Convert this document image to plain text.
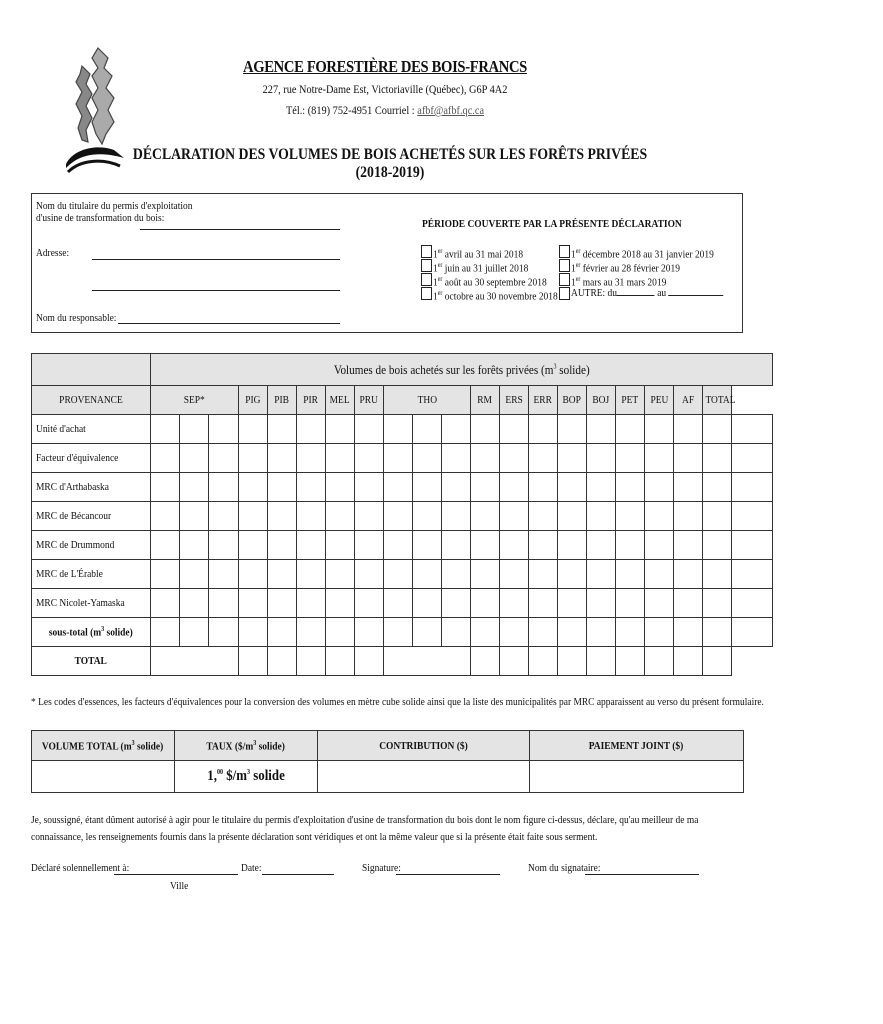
AGENCE FORESTIÈRE DES BOIS-FRANCS
227, rue Notre-Dame Est, Victoriaville (Québec), G6P 4A2
Tél.: (819) 752-4951 Courriel : afbf@afbf.qc.ca
DÉCLARATION DES VOLUMES DE BOIS ACHETÉS SUR LES FORÊTS PRIVÉES (2018-2019)
Nom du titulaire du permis d'exploitation
d'usine de transformation du bois:
Adresse:
Nom du responsable:
PÉRIODE COUVERTE PAR LA PRÉSENTE DÉCLARATION
1er avril au 31 mai 2018
1er juin au 31 juillet 2018
1er août au 30 septembre 2018
1er octobre au 30 novembre 2018
1er décembre 2018 au 31 janvier 2019
1er février au 28 février 2019
1er mars au 31 mars 2019
AUTRE: du	au
	Volumes de bois achetés sur les forêts privées ($m^3$ solide)																				
PROVENANCE	SEP*			PIG	PIB	PIR	MEL	PRU	THO			RM	ERS	ERR	BOP	BOJ	PET	PEU	AF	TOTAL	
Unité d'achat																					
Facteur d'équivalence																					
MRC d'Arthabaska																					
MRC de Bécancour																					
MRC de Drummond																					
MRC de L'Érable																					
MRC Nicolet-Yamaska																					
sous-total ($m^3$ solide)																					
TOTAL																					
* Les codes d'essences, les facteurs d'équivalences pour la conversion des volumes en mètre cube solide ainsi que la liste des municipalités par MRC apparaissent au verso du présent formulaire.
VOLUME TOTAL ($m^3$ solide)	TAUX ($\$/m^3$ solide)	CONTRIBUTION ($)	PAIEMENT JOINT ($)
	1,00 $\$/m^3$ solide		
Je, soussigné, étant dûment autorisé à agir pour le titulaire du permis d'exploitation d'usine de transformation du bois dont le nom figure ci-dessus, déclare, qu'au meilleur de ma connaissance, les renseignements fournis dans la présente déclaration sont véridiques et ont la même valeur que si la présente était faite sous serment.
Déclaré solennellement à:
Ville
Date:	Signature:	Nom du signataire:
